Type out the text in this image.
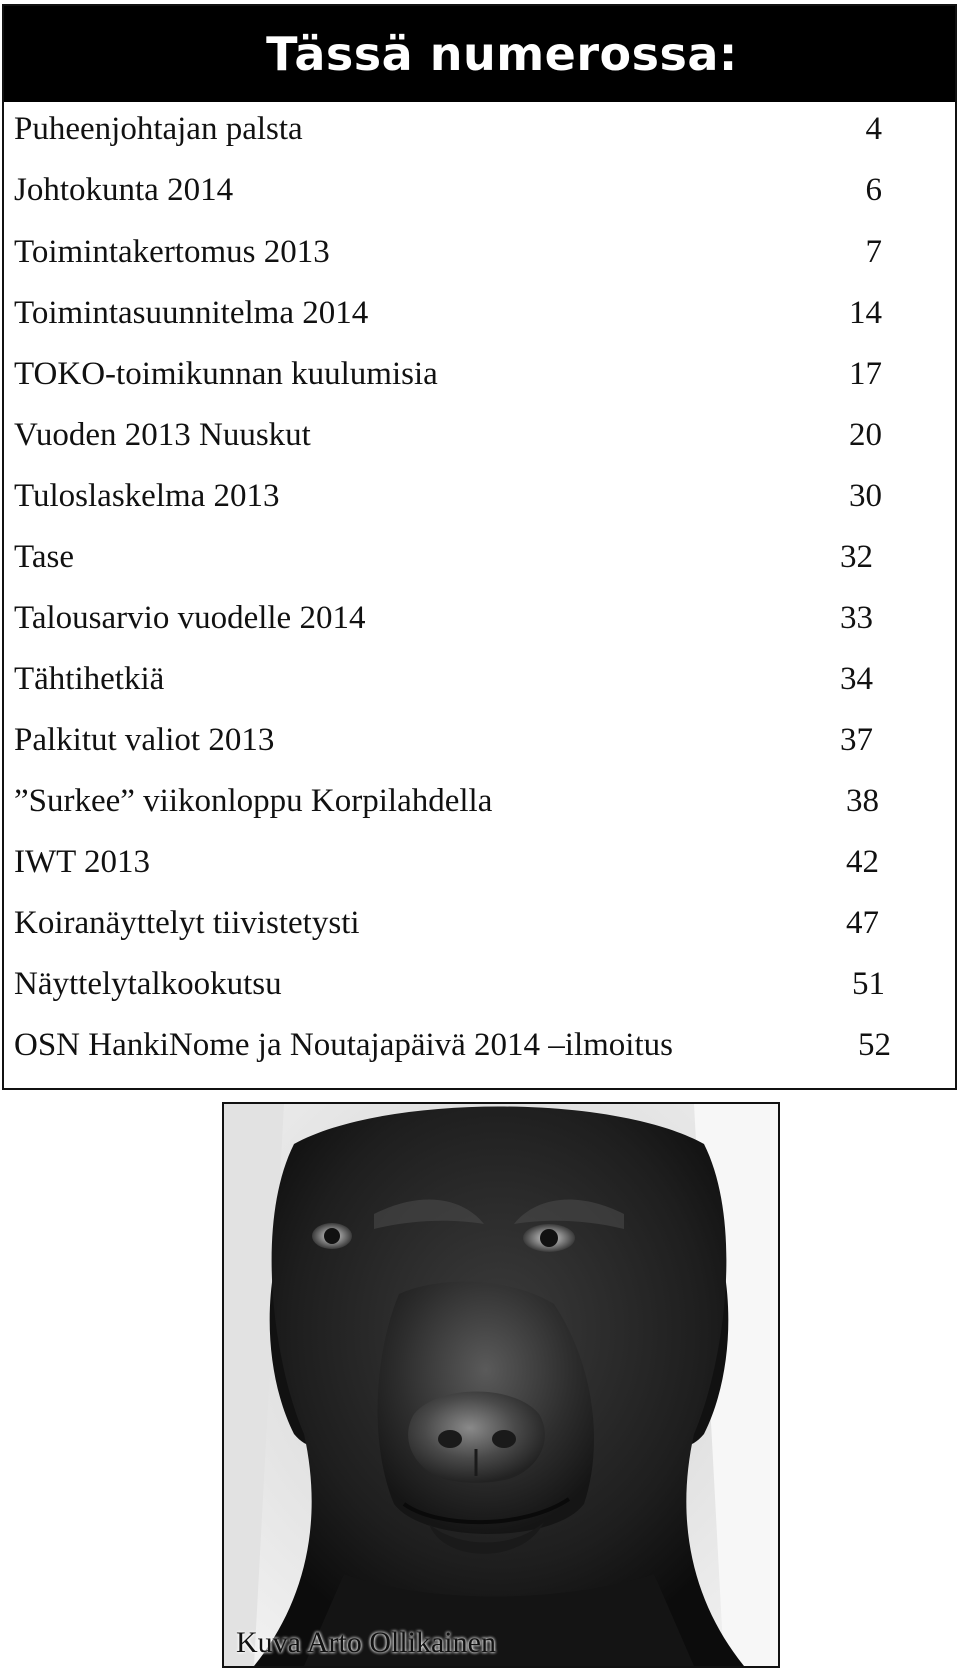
Tässä numerossa:
Puheenjohtajan palsta	4
Johtokunta 2014	6
Toimintakertomus 2013	7
Toimintasuunnitelma 2014	14
TOKO-toimikunnan kuulumisia	17
Vuoden 2013 Nuuskut	20
Tuloslaskelma 2013	30
Tase	32
Talousarvio vuodelle 2014	33
Tähtihetkiä	34
Palkitut valiot 2013	37
”Surkee” viikonloppu Korpilahdella	38
IWT 2013	42
Koiranäyttelyt tiivistetysti	47
Näyttelytalkookutsu	51
OSN HankiNome ja Noutajapäivä 2014 –ilmoitus	52
Kuva Arto Ollikainen
